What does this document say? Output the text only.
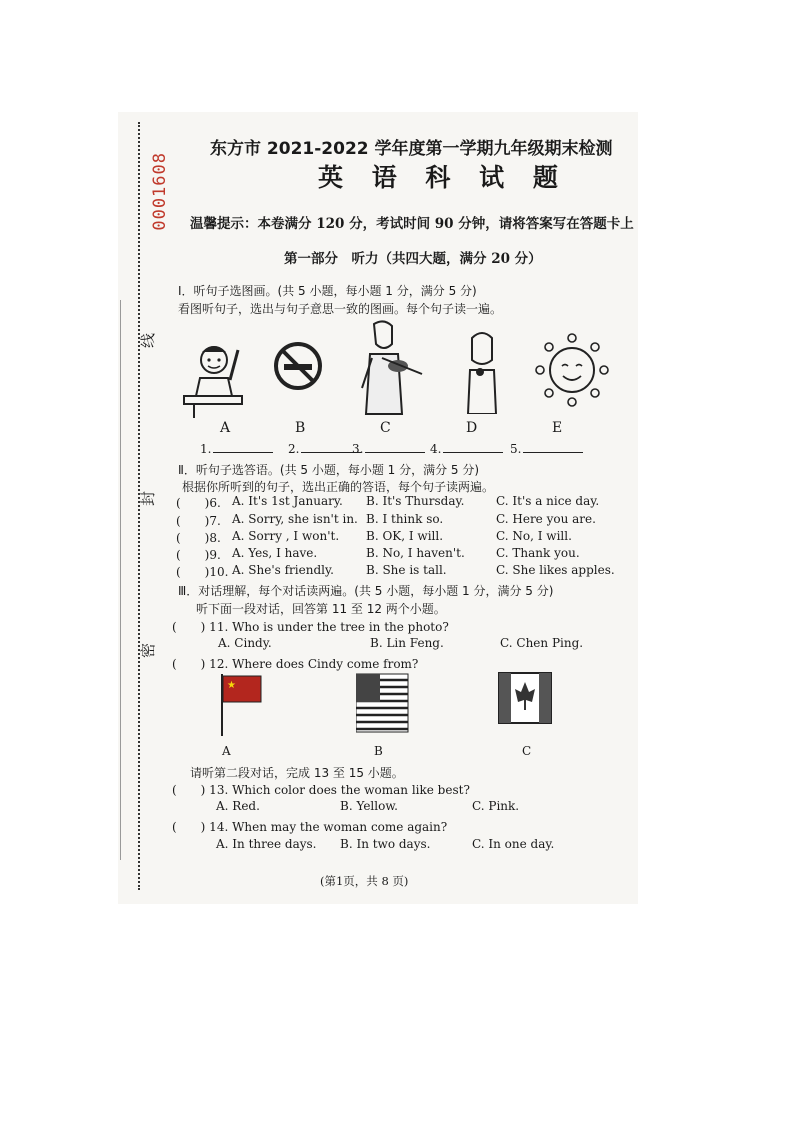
0001608
线
封
密
东方市 2021-2022 学年度第一学期九年级期末检测
英 语 科 试 题
温馨提示：本卷满分 120 分，考试时间 90 分钟，请将答案写在答题卡上
第一部分　听力（共四大题，满分 20 分）
Ⅰ．听句子选图画。(共 5 小题，每小题 1 分，满分 5 分)
看图听句子，选出与句子意思一致的图画。每个句子读一遍。
A	B	C	D	E
1.	2.	3.	4.	5.
Ⅱ．听句子选答语。(共 5 小题，每小题 1 分，满分 5 分)
根据你所听到的句子，选出正确的答语，每个句子读两遍。
(　　)6. A. It's 1st January. B. It's Thursday.	C. It's a nice day.
(　　)7. A. Sorry, she isn't in. B. I think so.	C. Here you are.
(　　)8. A. Sorry , I won't. B. OK, I will.	C. No, I will.
(　　)9. A. Yes, I have.	B. No, I haven't.	C. Thank you.
(　　)10. A. She's friendly.	B. She is tall.	C. She likes apples.
Ⅲ．对话理解，每个对话读两遍。(共 5 小题，每小题 1 分，满分 5 分)
听下面一段对话，回答第 11 至 12 两个小题。
(　　) 11. Who is under the tree in the photo?
A. Cindy.	B. Lin Feng.	C. Chen Ping.
(　　) 12. Where does Cindy come from?
★
A	B	C
请听第二段对话，完成 13 至 15 小题。
(　　) 13. Which color does the woman like best?
A. Red.	B. Yellow.	C. Pink.
(　　) 14. When may the woman come again?
A. In three days. B. In two days.	C. In one day.
(第1页，共 8 页)
